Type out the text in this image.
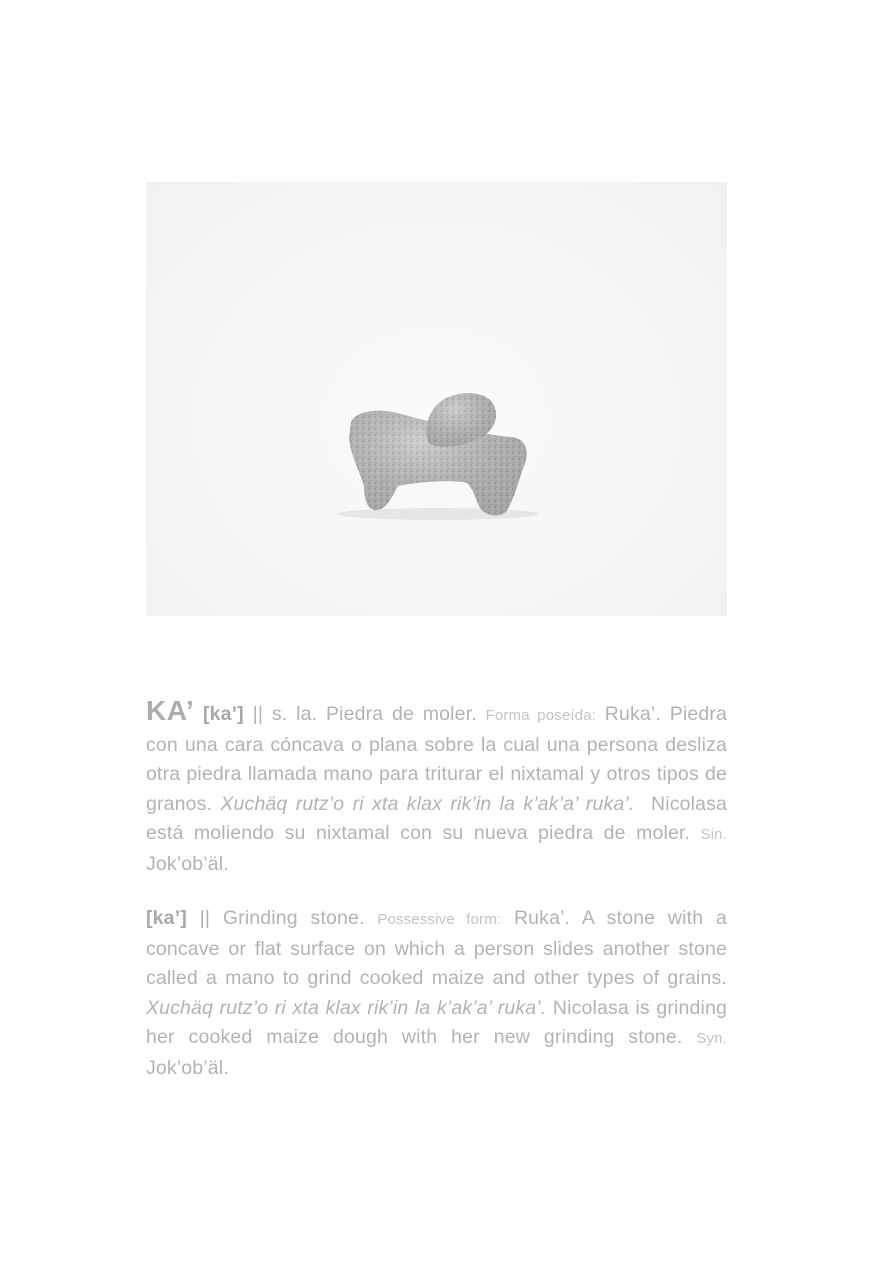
KA’ [ka’] || s. la. Piedra de moler. Forma poseída: Ruka’. Piedra con una cara cóncava o plana sobre la cual una persona desliza otra piedra llamada mano para triturar el nixtamal y otros tipos de granos. Xuchäq rutz’o ri xta klax rik’in la k’ak’a’ ruka’. Nicolasa está moliendo su nixtamal con su nueva piedra de moler. Sin. Jok’ob’äl.
[ka’] || Grinding stone. Possessive form: Ruka’. A stone with a concave or flat surface on which a person slides another stone called a mano to grind cooked maize and other types of grains. Xuchäq rutz’o ri xta klax rik’in la k’ak’a’ ruka’. Nicolasa is grinding her cooked maize dough with her new grinding stone. Syn. Jok’ob’äl.
